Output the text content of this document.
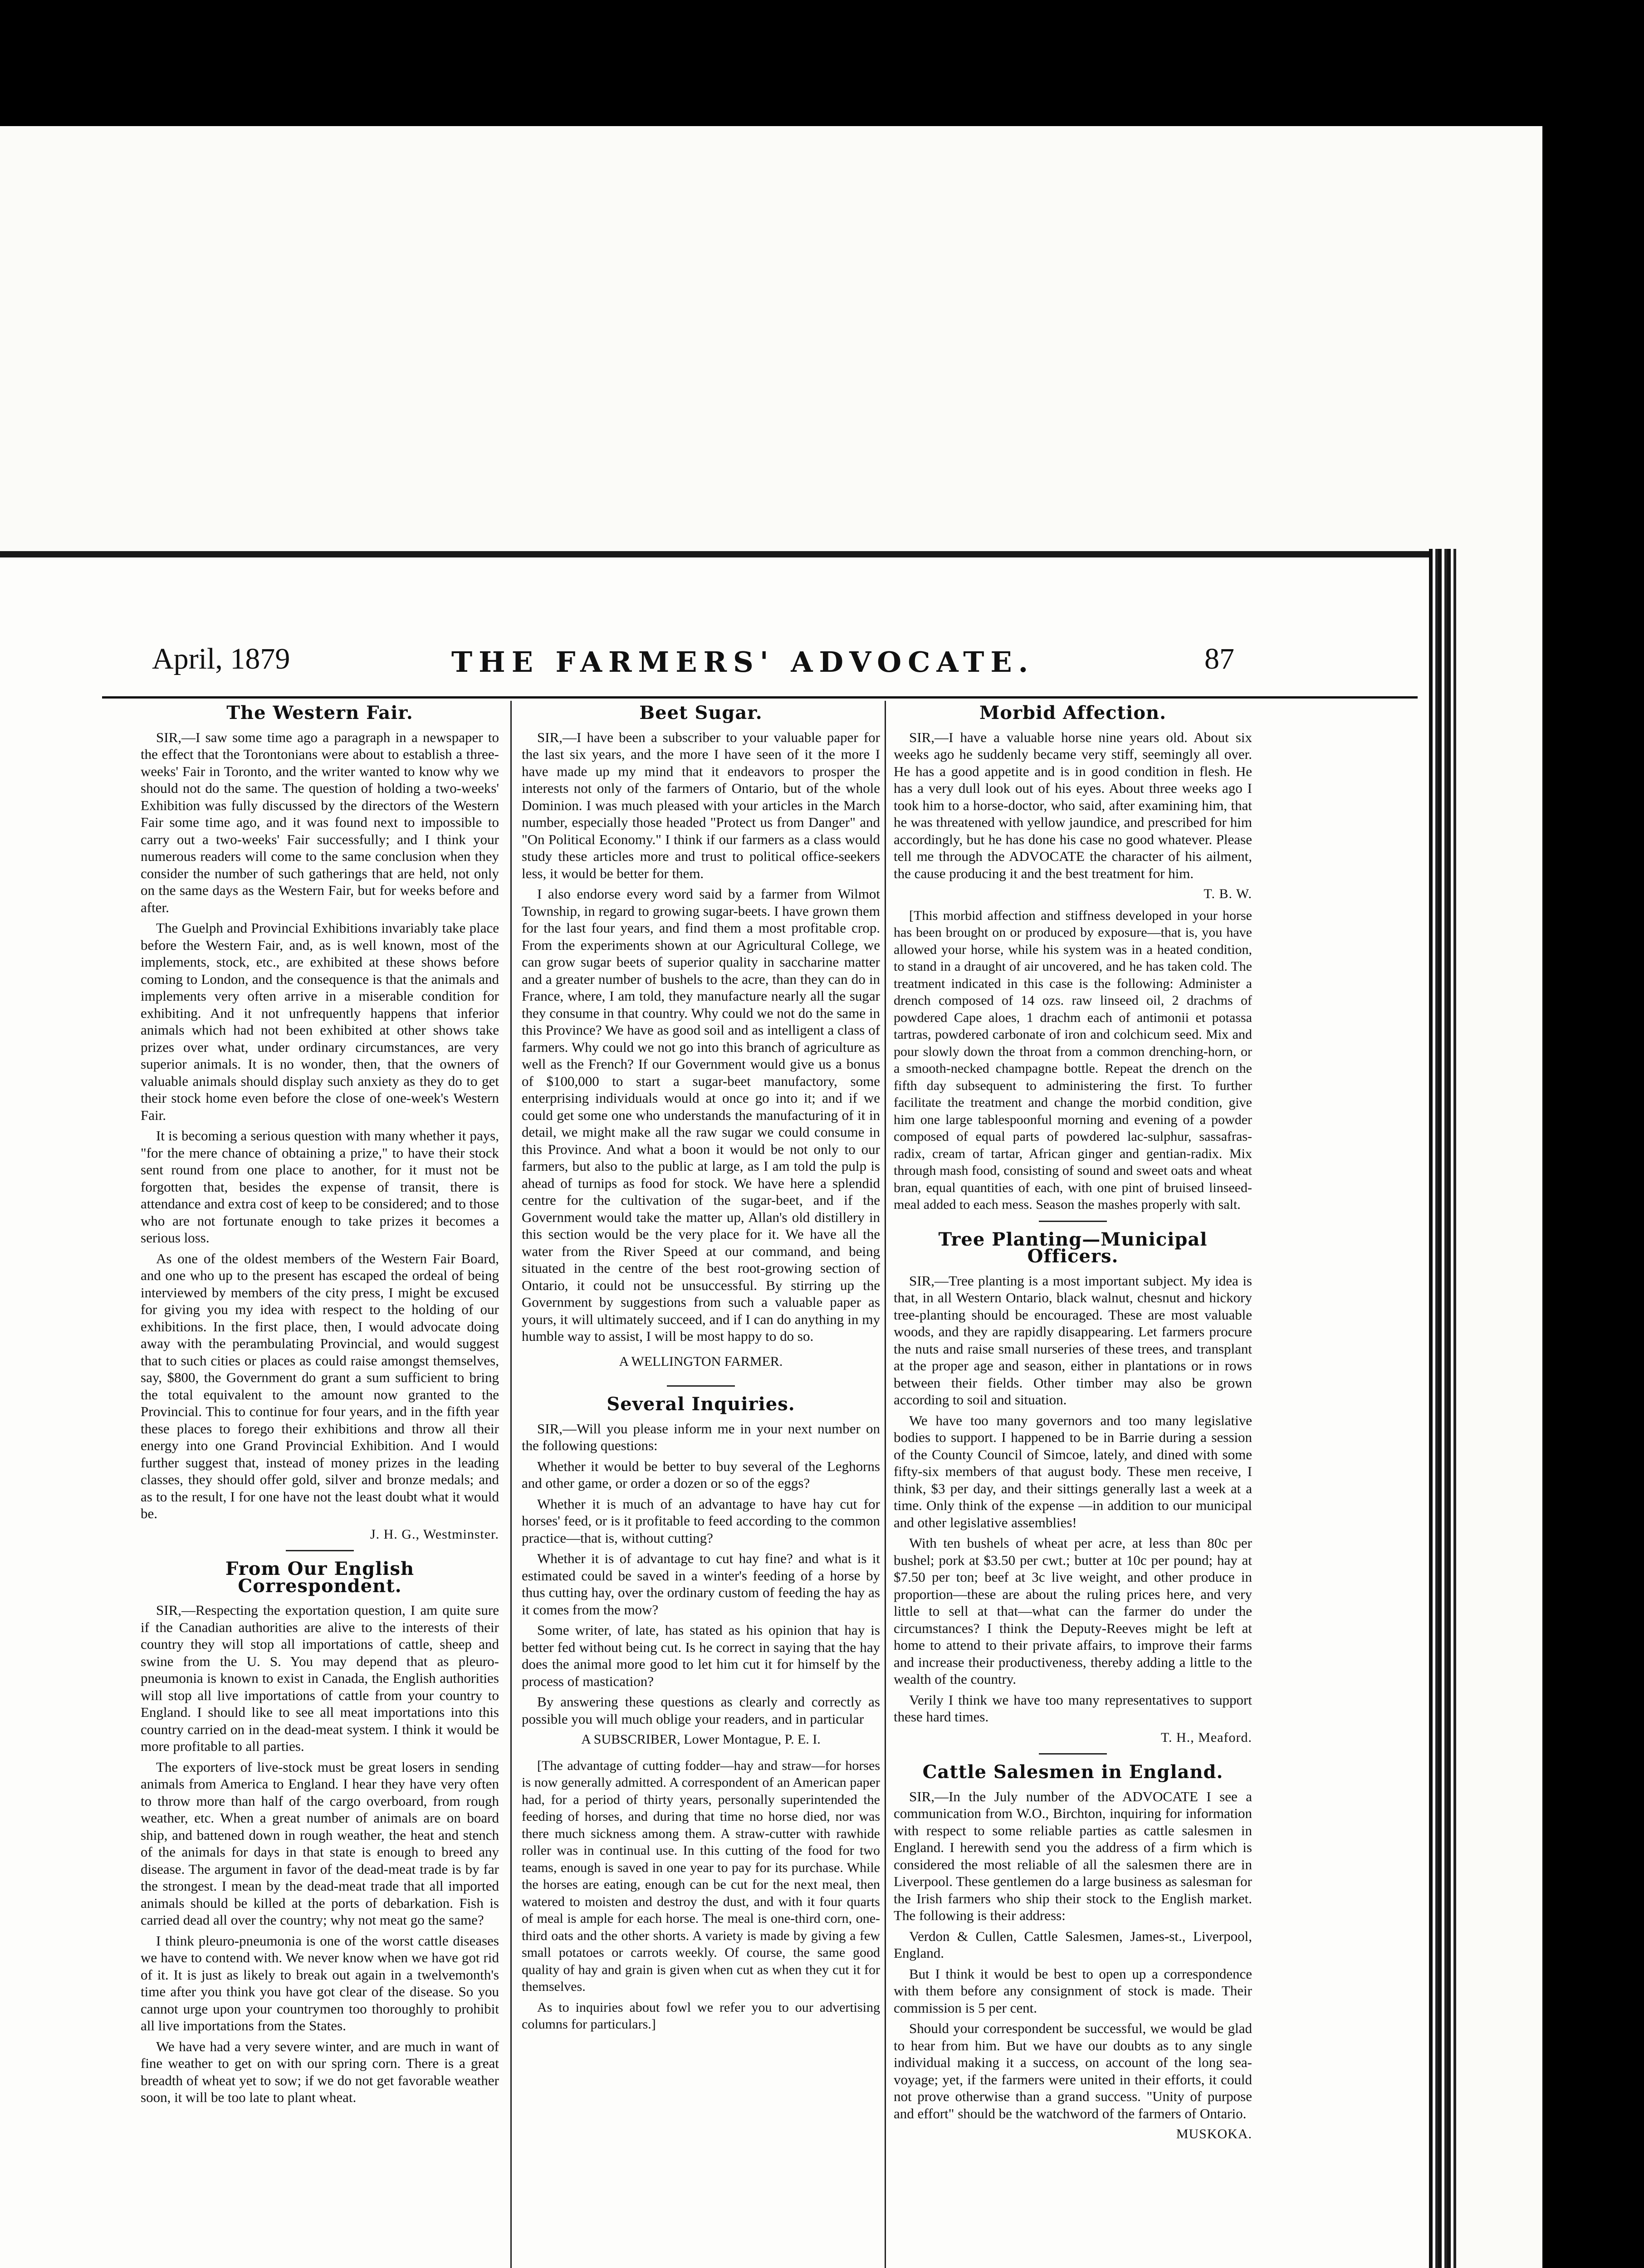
April, 1879	THE FARMERS' ADVOCATE.	87
The Western Fair.

SIR,—I saw some time ago a paragraph in a newspaper to the effect that the Torontonians were about to establish a three-weeks' Fair in Toronto, and the writer wanted to know why we should not do the same. The question of holding a two-weeks' Exhibition was fully discussed by the directors of the Western Fair some time ago, and it was found next to impossible to carry out a two-weeks' Fair successfully; and I think your numerous readers will come to the same conclusion when they consider the number of such gatherings that are held, not only on the same days as the Western Fair, but for weeks before and after.

The Guelph and Provincial Exhibitions invariably take place before the Western Fair, and, as is well known, most of the implements, stock, etc., are exhibited at these shows before coming to London, and the consequence is that the animals and implements very often arrive in a miserable condition for exhibiting. And it not unfrequently happens that inferior animals which had not been exhibited at other shows take prizes over what, under ordinary circumstances, are very superior animals. It is no wonder, then, that the owners of valuable animals should display such anxiety as they do to get their stock home even before the close of one-week's Western Fair.

It is becoming a serious question with many whether it pays, "for the mere chance of obtaining a prize," to have their stock sent round from one place to another, for it must not be forgotten that, besides the expense of transit, there is attendance and extra cost of keep to be considered; and to those who are not fortunate enough to take prizes it becomes a serious loss.

As one of the oldest members of the Western Fair Board, and one who up to the present has escaped the ordeal of being interviewed by members of the city press, I might be excused for giving you my idea with respect to the holding of our exhibitions. In the first place, then, I would advocate doing away with the perambulating Provincial, and would suggest that to such cities or places as could raise amongst themselves, say, $800, the Government do grant a sum sufficient to bring the total equivalent to the amount now granted to the Provincial. This to continue for four years, and in the fifth year these places to forego their exhibitions and throw all their energy into one Grand Provincial Exhibition. And I would further suggest that, instead of money prizes in the leading classes, they should offer gold, silver and bronze medals; and as to the result, I for one have not the least doubt what it would be.

J. H. G., Westminster.

From Our English Correspondent.

SIR,—Respecting the exportation question, I am quite sure if the Canadian authorities are alive to the interests of their country they will stop all importations of cattle, sheep and swine from the U. S. You may depend that as pleuro-pneumonia is known to exist in Canada, the English authorities will stop all live importations of cattle from your country to England. I should like to see all meat importations into this country carried on in the dead-meat system. I think it would be more profitable to all parties.

The exporters of live-stock must be great losers in sending animals from America to England. I hear they have very often to throw more than half of the cargo overboard, from rough weather, etc. When a great number of animals are on board ship, and battened down in rough weather, the heat and stench of the animals for days in that state is enough to breed any disease. The argument in favor of the dead-meat trade is by far the strongest. I mean by the dead-meat trade that all imported animals should be killed at the ports of debarkation. Fish is carried dead all over the country; why not meat go the same?

I think pleuro-pneumonia is one of the worst cattle diseases we have to contend with. We never know when we have got rid of it. It is just as likely to break out again in a twelvemonth's time after you think you have got clear of the disease. So you cannot urge upon your countrymen too thoroughly to prohibit all live importations from the States.

We have had a very severe winter, and are much in want of fine weather to get on with our spring corn. There is a great breadth of wheat yet to sow; if we do not get favorable weather soon, it will be too late to plant wheat.

Beet Sugar.

SIR,—I have been a subscriber to your valuable paper for the last six years, and the more I have seen of it the more I have made up my mind that it endeavors to prosper the interests not only of the farmers of Ontario, but of the whole Dominion. I was much pleased with your articles in the March number, especially those headed "Protect us from Danger" and "On Political Economy." I think if our farmers as a class would study these articles more and trust to political office-seekers less, it would be better for them.

I also endorse every word said by a farmer from Wilmot Township, in regard to growing sugar-beets. I have grown them for the last four years, and find them a most profitable crop. From the experiments shown at our Agricultural College, we can grow sugar beets of superior quality in saccharine matter and a greater number of bushels to the acre, than they can do in France, where, I am told, they manufacture nearly all the sugar they consume in that country. Why could we not do the same in this Province? We have as good soil and as intelligent a class of farmers. Why could we not go into this branch of agriculture as well as the French? If our Government would give us a bonus of $100,000 to start a sugar-beet manufactory, some enterprising individuals would at once go into it; and if we could get some one who understands the manufacturing of it in detail, we might make all the raw sugar we could consume in this Province. And what a boon it would be not only to our farmers, but also to the public at large, as I am told the pulp is ahead of turnips as food for stock. We have here a splendid centre for the cultivation of the sugar-beet, and if the Government would take the matter up, Allan's old distillery in this section would be the very place for it. We have all the water from the River Speed at our command, and being situated in the centre of the best root-growing section of Ontario, it could not be unsuccessful. By stirring up the Government by suggestions from such a valuable paper as yours, it will ultimately succeed, and if I can do anything in my humble way to assist, I will be most happy to do so.

A WELLINGTON FARMER.

Several Inquiries.

SIR,—Will you please inform me in your next number on the following questions:

Whether it would be better to buy several of the Leghorns and other game, or order a dozen or so of the eggs?

Whether it is much of an advantage to have hay cut for horses' feed, or is it profitable to feed according to the common practice—that is, without cutting?

Whether it is of advantage to cut hay fine? and what is it estimated could be saved in a winter's feeding of a horse by thus cutting hay, over the ordinary custom of feeding the hay as it comes from the mow?

Some writer, of late, has stated as his opinion that hay is better fed without being cut. Is he correct in saying that the hay does the animal more good to let him cut it for himself by the process of mastication?

By answering these questions as clearly and correctly as possible you will much oblige your readers, and in particular

A SUBSCRIBER, Lower Montague, P. E. I.

[The advantage of cutting fodder—hay and straw—for horses is now generally admitted. A correspondent of an American paper had, for a period of thirty years, personally superintended the feeding of horses, and during that time no horse died, nor was there much sickness among them. A straw-cutter with rawhide roller was in continual use. In this cutting of the food for two teams, enough is saved in one year to pay for its purchase. While the horses are eating, enough can be cut for the next meal, then watered to moisten and destroy the dust, and with it four quarts of meal is ample for each horse. The meal is one-third corn, one-third oats and the other shorts. A variety is made by giving a few small potatoes or carrots weekly. Of course, the same good quality of hay and grain is given when cut as when they cut it for themselves.

As to inquiries about fowl we refer you to our advertising columns for particulars.]

Morbid Affection.

SIR,—I have a valuable horse nine years old. About six weeks ago he suddenly became very stiff, seemingly all over. He has a good appetite and is in good condition in flesh. He has a very dull look out of his eyes. About three weeks ago I took him to a horse-doctor, who said, after examining him, that he was threatened with yellow jaundice, and prescribed for him accordingly, but he has done his case no good whatever. Please tell me through the ADVOCATE the character of his ailment, the cause producing it and the best treatment for him.

T. B. W.

[This morbid affection and stiffness developed in your horse has been brought on or produced by exposure—that is, you have allowed your horse, while his system was in a heated condition, to stand in a draught of air uncovered, and he has taken cold. The treatment indicated in this case is the following: Administer a drench composed of 14 ozs. raw linseed oil, 2 drachms of powdered Cape aloes, 1 drachm each of antimonii et potassa tartras, powdered carbonate of iron and colchicum seed. Mix and pour slowly down the throat from a common drenching-horn, or a smooth-necked champagne bottle. Repeat the drench on the fifth day subsequent to administering the first. To further facilitate the treatment and change the morbid condition, give him one large tablespoonful morning and evening of a powder composed of equal parts of powdered lac-sulphur, sassafras-radix, cream of tartar, African ginger and gentian-radix. Mix through mash food, consisting of sound and sweet oats and wheat bran, equal quantities of each, with one pint of bruised linseed-meal added to each mess. Season the mashes properly with salt.

Tree Planting—Municipal Officers.

SIR,—Tree planting is a most important subject. My idea is that, in all Western Ontario, black walnut, chesnut and hickory tree-planting should be encouraged. These are most valuable woods, and they are rapidly disappearing. Let farmers procure the nuts and raise small nurseries of these trees, and transplant at the proper age and season, either in plantations or in rows between their fields. Other timber may also be grown according to soil and situation.

We have too many governors and too many legislative bodies to support. I happened to be in Barrie during a session of the County Council of Simcoe, lately, and dined with some fifty-six members of that august body. These men receive, I think, $3 per day, and their sittings generally last a week at a time. Only think of the expense —in addition to our municipal and other legislative assemblies!

With ten bushels of wheat per acre, at less than 80c per bushel; pork at $3.50 per cwt.; butter at 10c per pound; hay at $7.50 per ton; beef at 3c live weight, and other produce in proportion—these are about the ruling prices here, and very little to sell at that—what can the farmer do under the circumstances? I think the Deputy-Reeves might be left at home to attend to their private affairs, to improve their farms and increase their productiveness, thereby adding a little to the wealth of the country.

Verily I think we have too many representatives to support these hard times.

T. H., Meaford.

Cattle Salesmen in England.

SIR,—In the July number of the ADVOCATE I see a communication from W.O., Birchton, inquiring for information with respect to some reliable parties as cattle salesmen in England. I herewith send you the address of a firm which is considered the most reliable of all the salesmen there are in Liverpool. These gentlemen do a large business as salesman for the Irish farmers who ship their stock to the English market. The following is their address:

Verdon & Cullen, Cattle Salesmen, James-st., Liverpool, England.

But I think it would be best to open up a correspondence with them before any consignment of stock is made. Their commission is 5 per cent.

Should your correspondent be successful, we would be glad to hear from him. But we have our doubts as to any single individual making it a success, on account of the long sea-voyage; yet, if the farmers were united in their efforts, it could not prove otherwise than a grand success. "Unity of purpose and effort" should be the watchword of the farmers of Ontario.

MUSKOKA.
